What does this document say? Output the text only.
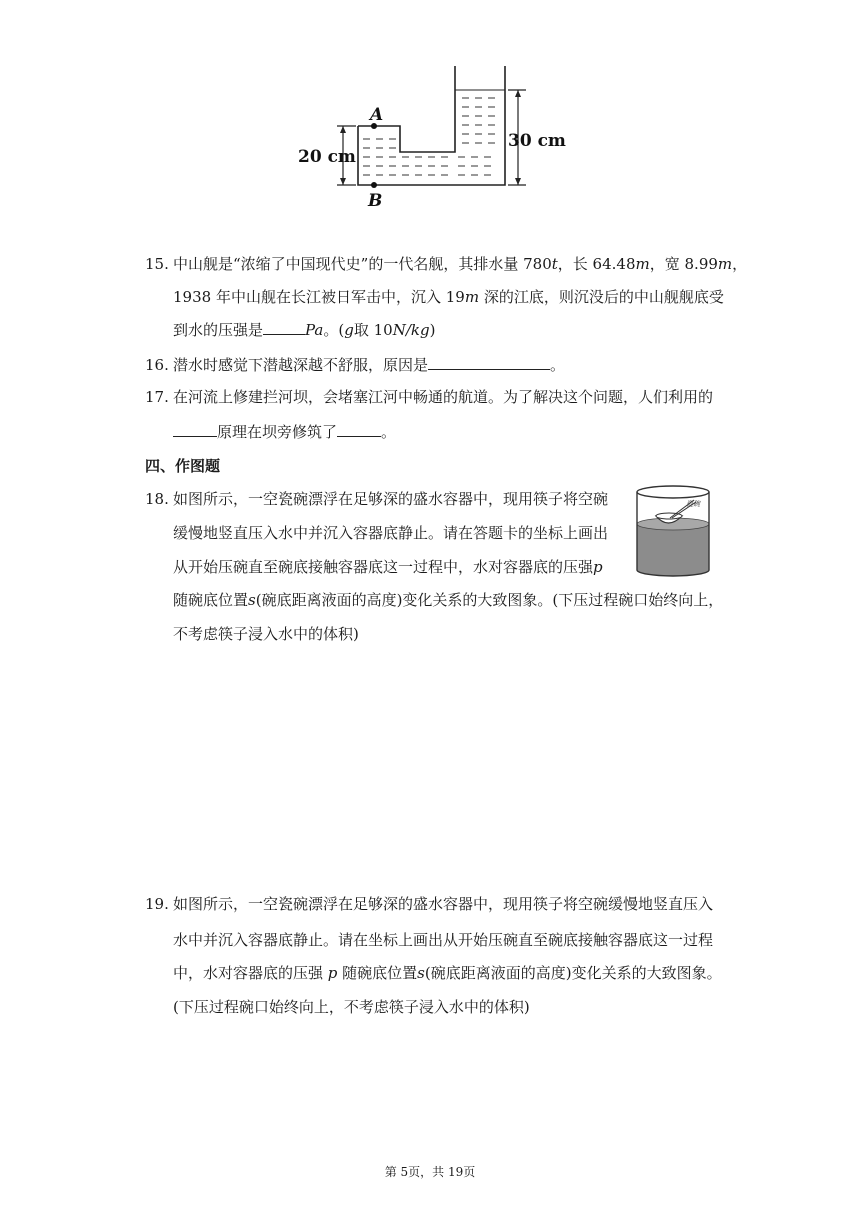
A
B
20 cm
30 cm
15. 中山舰是“浓缩了中国现代史”的一代名舰，其排水量 780t，长 64.48m，宽 8.99m，
1938 年中山舰在长江被日军击中，沉入 19m 深的江底，则沉没后的中山舰舰底受
到水的压强是	Pa。(g取 10N/kg)
16. 潜水时感觉下潜越深越不舒服，原因是	。
17. 在河流上修建拦河坝，会堵塞江河中畅通的航道。为了解决这个问题，人们利用的
原理在坝旁修筑了	。
四、作图题
18. 如图所示，一空瓷碗漂浮在足够深的盛水容器中，现用筷子将空碗
缓慢地竖直压入水中并沉入容器底静止。请在答题卡的坐标上画出
从开始压碗直至碗底接触容器底这一过程中，水对容器底的压强p
随碗底位置s(碗底距离液面的高度)变化关系的大致图象。(下压过程碗口始终向上，
不考虑筷子浸入水中的体积)
瓷碗
19. 如图所示，一空瓷碗漂浮在足够深的盛水容器中，现用筷子将空碗缓慢地竖直压入
水中并沉入容器底静止。请在坐标上画出从开始压碗直至碗底接触容器底这一过程
中，水对容器底的压强 p 随碗底位置s(碗底距离液面的高度)变化关系的大致图象。
(下压过程碗口始终向上，不考虑筷子浸入水中的体积)
第 5页，共 19页
